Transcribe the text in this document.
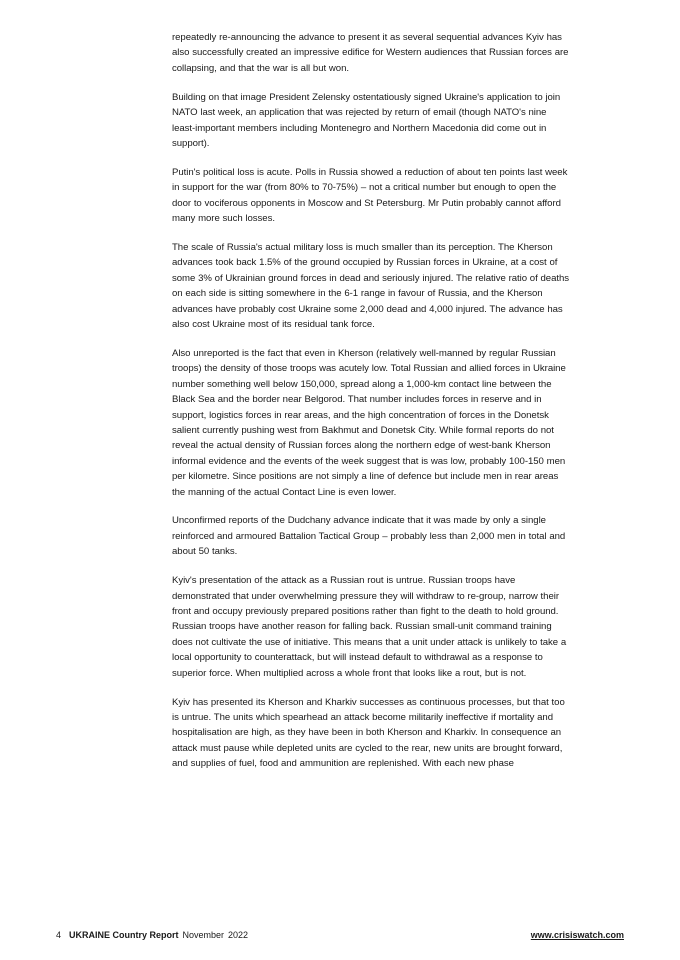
repeatedly re-announcing the advance to present it as several sequential advances Kyiv has also successfully created an impressive edifice for Western audiences that Russian forces are collapsing, and that the war is all but won.

Building on that image President Zelensky ostentatiously signed Ukraine's application to join NATO last week, an application that was rejected by return of email (though NATO's nine least-important members including Montenegro and Northern Macedonia did come out in support).

Putin's political loss is acute. Polls in Russia showed a reduction of about ten points last week in support for the war (from 80% to 70-75%) – not a critical number but enough to open the door to vociferous opponents in Moscow and St Petersburg. Mr Putin probably cannot afford many more such losses.

The scale of Russia's actual military loss is much smaller than its perception. The Kherson advances took back 1.5% of the ground occupied by Russian forces in Ukraine, at a cost of some 3% of Ukrainian ground forces in dead and seriously injured. The relative ratio of deaths on each side is sitting somewhere in the 6-1 range in favour of Russia, and the Kherson advances have probably cost Ukraine some 2,000 dead and 4,000 injured. The advance has also cost Ukraine most of its residual tank force.

Also unreported is the fact that even in Kherson (relatively well-manned by regular Russian troops) the density of those troops was acutely low. Total Russian and allied forces in Ukraine number something well below 150,000, spread along a 1,000-km contact line between the Black Sea and the border near Belgorod. That number includes forces in reserve and in support, logistics forces in rear areas, and the high concentration of forces in the Donetsk salient currently pushing west from Bakhmut and Donetsk City. While formal reports do not reveal the actual density of Russian forces along the northern edge of west-bank Kherson informal evidence and the events of the week suggest that is was low, probably 100-150 men per kilometre. Since positions are not simply a line of defence but include men in rear areas the manning of the actual Contact Line is even lower.

Unconfirmed reports of the Dudchany advance indicate that it was made by only a single reinforced and armoured Battalion Tactical Group – probably less than 2,000 men in total and about 50 tanks.

Kyiv's presentation of the attack as a Russian rout is untrue. Russian troops have demonstrated that under overwhelming pressure they will withdraw to re-group, narrow their front and occupy previously prepared positions rather than fight to the death to hold ground. Russian troops have another reason for falling back. Russian small-unit command training does not cultivate the use of initiative. This means that a unit under attack is unlikely to take a local opportunity to counterattack, but will instead default to withdrawal as a response to superior force. When multiplied across a whole front that looks like a rout, but is not.

Kyiv has presented its Kherson and Kharkiv successes as continuous processes, but that too is untrue. The units which spearhead an attack become militarily ineffective if mortality and hospitalisation are high, as they have been in both Kherson and Kharkiv. In consequence an attack must pause while depleted units are cycled to the rear, new units are brought forward, and supplies of fuel, food and ammunition are replenished. With each new phase

4 UKRAINE Country Report November 2022	www.crisiswatch.com
